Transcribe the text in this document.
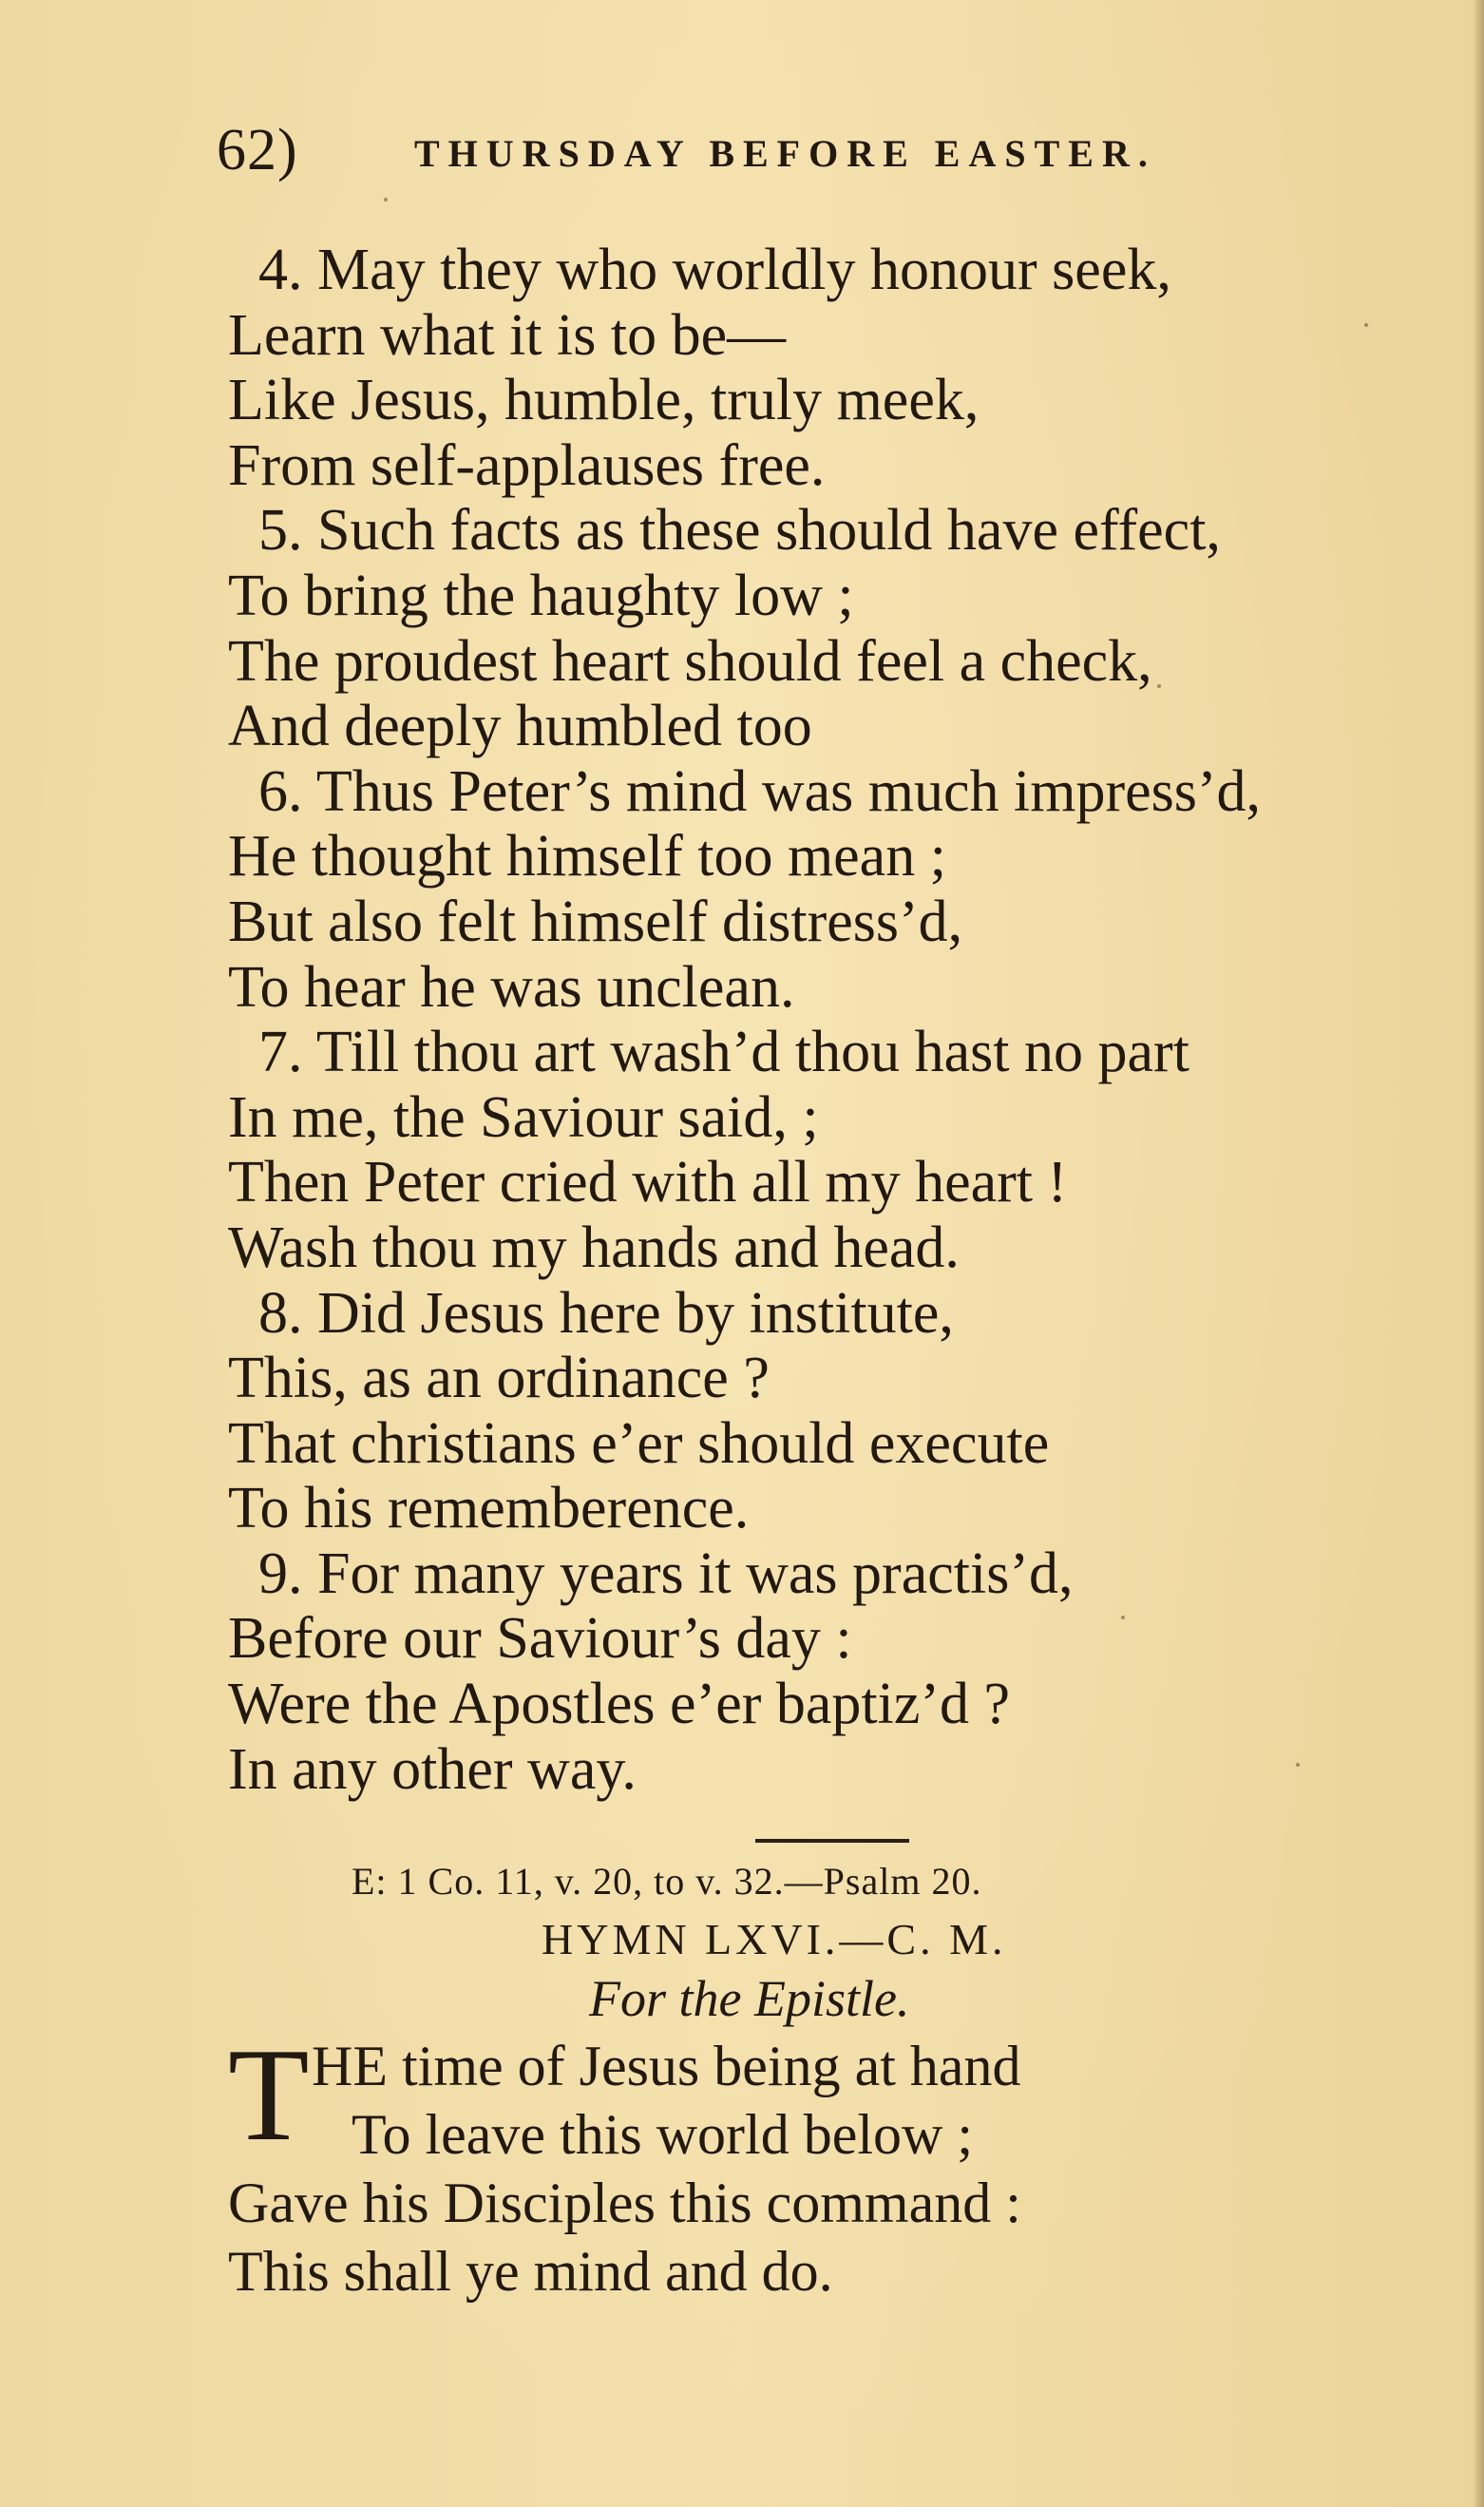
62)	THURSDAY BEFORE EASTER.
4. May they who worldly honour seek,
Learn what it is to be—
Like Jesus, humble, truly meek,
From self-applauses free.
5. Such facts as these should have effect,
To bring the haughty low ;
The proudest heart should feel a check,
And deeply humbled too
6. Thus Peter’s mind was much impress’d,
He thought himself too mean ;
But also felt himself distress’d,
To hear he was unclean.
7. Till thou art wash’d thou hast no part
In me, the Saviour said, ;
Then Peter cried with all my heart !
Wash thou my hands and head.
8. Did Jesus here by institute,
This, as an ordinance ?
That christians e’er should execute
To his rememberence.
9. For many years it was practis’d,
Before our Saviour’s day :
Were the Apostles e’er baptiz’d ?
In any other way.
E: 1 Co. 11, v. 20, to v. 32.—Psalm 20.
HYMN LXVI.—C. M.
For the Epistle.
T HE time of Jesus being at hand
To leave this world below ;
Gave his Disciples this command :
This shall ye mind and do.
